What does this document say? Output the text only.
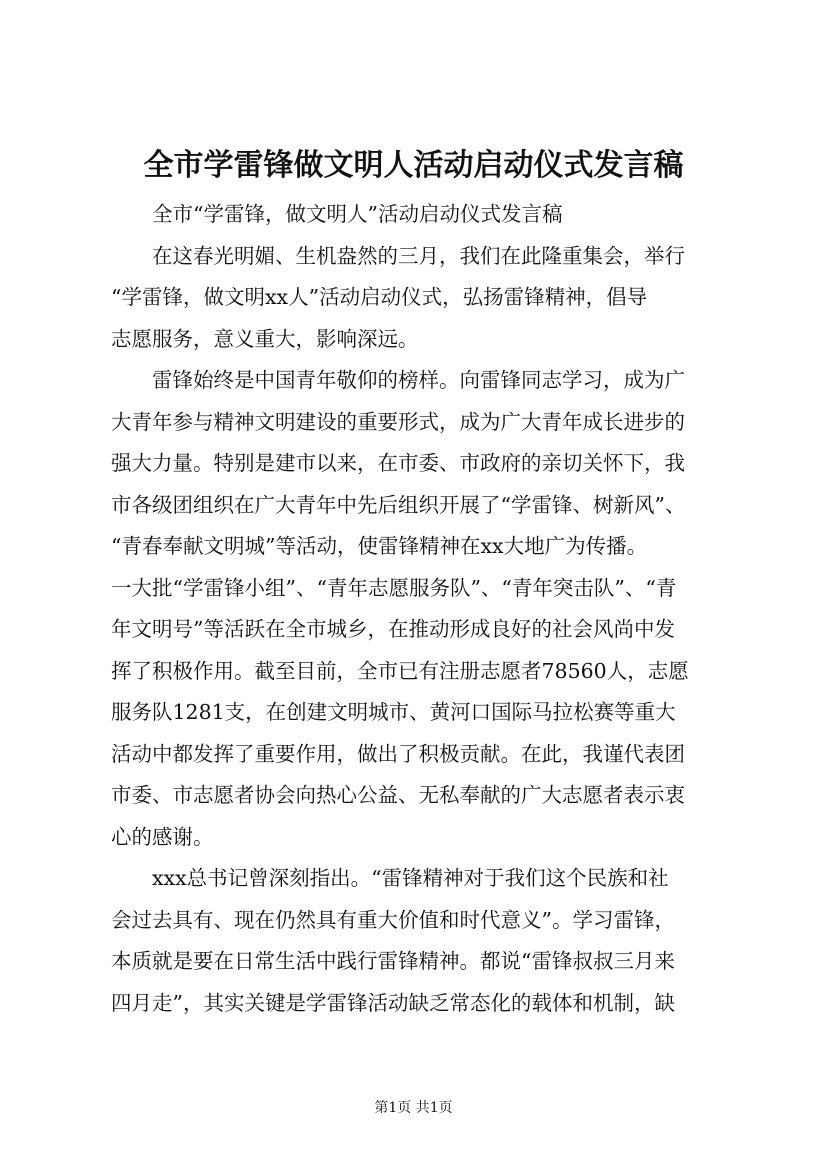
全市学雷锋做文明人活动启动仪式发言稿
全市“学雷锋，做文明人”活动启动仪式发言稿
在这春光明媚、生机盎然的三月，我们在此隆重集会，举行
“学雷锋，做文明xx人”活动启动仪式，弘扬雷锋精神，倡导
志愿服务，意义重大，影响深远。
雷锋始终是中国青年敬仰的榜样。向雷锋同志学习，成为广
大青年参与精神文明建设的重要形式，成为广大青年成长进步的
强大力量。特别是建市以来，在市委、市政府的亲切关怀下，我
市各级团组织在广大青年中先后组织开展了“学雷锋、树新风”、
“青春奉献文明城”等活动，使雷锋精神在xx大地广为传播。
一大批“学雷锋小组”、“青年志愿服务队”、“青年突击队”、“青
年文明号”等活跃在全市城乡，在推动形成良好的社会风尚中发
挥了积极作用。截至目前，全市已有注册志愿者78560人，志愿
服务队1281支，在创建文明城市、黄河口国际马拉松赛等重大
活动中都发挥了重要作用，做出了积极贡献。在此，我谨代表团
市委、市志愿者协会向热心公益、无私奉献的广大志愿者表示衷
心的感谢。
xxx总书记曾深刻指出。“雷锋精神对于我们这个民族和社
会过去具有、现在仍然具有重大价值和时代意义”。学习雷锋，
本质就是要在日常生活中践行雷锋精神。都说“雷锋叔叔三月来
四月走”，其实关键是学雷锋活动缺乏常态化的载体和机制，缺
第1页 共1页
